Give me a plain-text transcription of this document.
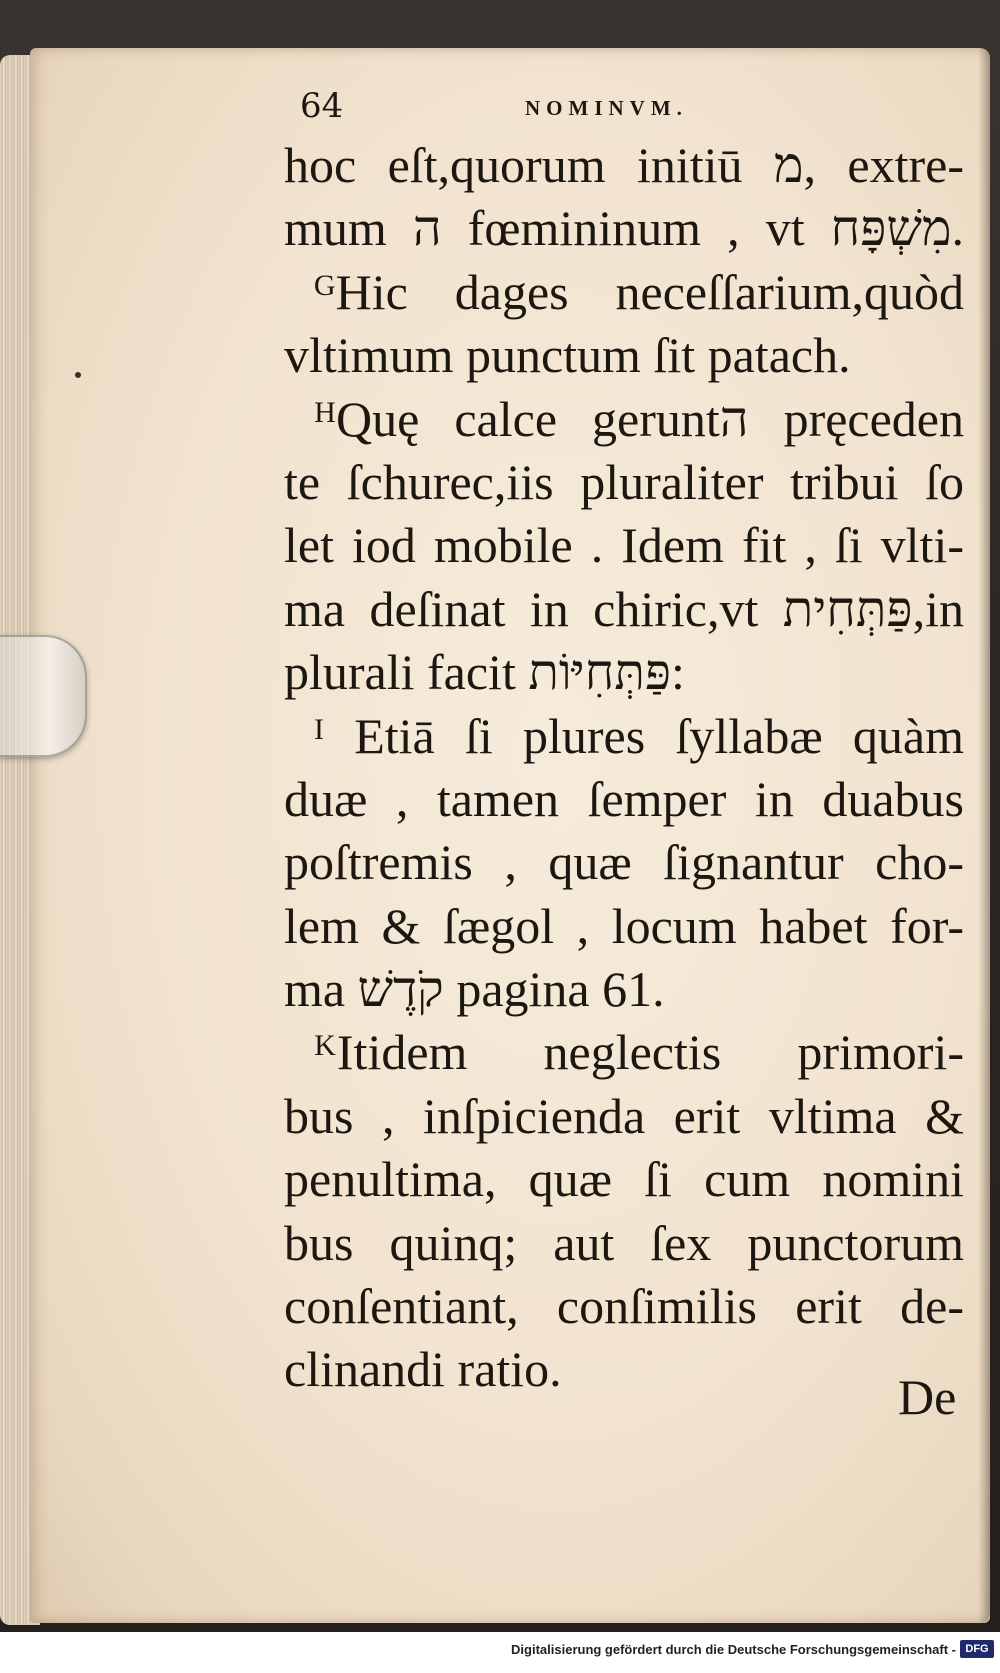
64	NOMINVM.
hoc eſt,quorum initiū מ, extre-
mum ה fœmininum , vt מִשְׁפָּח.
ᴳHic dages neceſſarium,quòd
vltimum punctum ſit patach.
ᴴQuę calce geruntה pręceden
te ſchurec,iis pluraliter tribui ſo
let iod mobile . Idem fit , ſi vlti-
ma deſinat in chiric,vt פַּתְּחִית,in
plurali facit פַּתְּחִיּוֹת:
ᴵ Etiā ſi plures ſyllabæ quàm
duæ , tamen ſemper in duabus
poſtremis , quæ ſignantur cho-
lem & ſægol , locum habet for-
ma קֹדֶשׁ pagina 61.
ᴷItidem neglectis primori-
bus , inſpicienda erit vltima &
penultima, quæ ſi cum nomini
bus quinq; aut ſex punctorum
conſentiant, conſimilis erit de-
clinandi ratio.	De
Digitalisierung gefördert durch die Deutsche Forschungsgemeinschaft - DFG
